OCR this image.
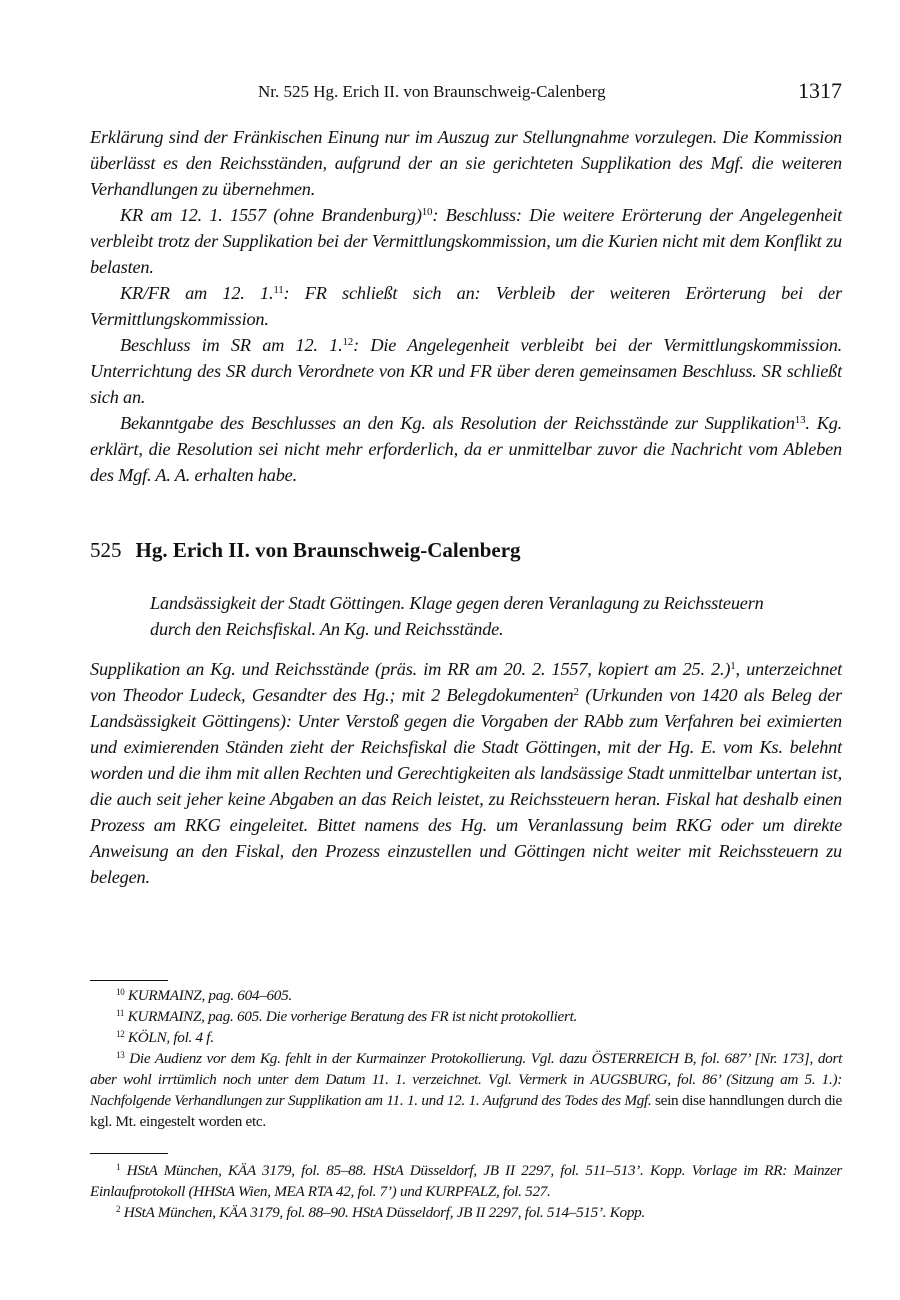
Nr. 525 Hg. Erich II. von Braunschweig-Calenberg	1317

Erklärung sind der Fränkischen Einung nur im Auszug zur Stellungnahme vorzulegen. Die Kommission überlässt es den Reichsständen, aufgrund der an sie gerichteten Supplikation des Mgf. die weiteren Verhandlungen zu übernehmen.

KR am 12. 1. 1557 (ohne Brandenburg)$^{10}$: Beschluss: Die weitere Erörterung der Angelegenheit verbleibt trotz der Supplikation bei der Vermittlungskommission, um die Kurien nicht mit dem Konflikt zu belasten.

KR/FR am 12. 1.11: FR schließt sich an: Verbleib der weiteren Erörterung bei der Vermittlungskommission.

Beschluss im SR am 12. 1.12: Die Angelegenheit verbleibt bei der Vermittlungskommission. Unterrichtung des SR durch Verordnete von KR und FR über deren gemeinsamen Beschluss. SR schließt sich an.

Bekanntgabe des Beschlusses an den Kg. als Resolution der Reichsstände zur Supplikation$^{13}$. Kg. erklärt, die Resolution sei nicht mehr erforderlich, da er unmittelbar zuvor die Nachricht vom Ableben des Mgf. A. A. erhalten habe.

525 Hg. Erich II. von Braunschweig-Calenberg
Landsässigkeit der Stadt Göttingen. Klage gegen deren Veranlagung zu Reichssteuern durch den Reichsfiskal. An Kg. und Reichsstände.

Supplikation an Kg. und Reichsstände (präs. im RR am 20. 2. 1557, kopiert am 25. 2.)$^1$, unterzeichnet von Theodor Ludeck, Gesandter des Hg.; mit 2 Belegdokumenten$^2$ (Urkunden von 1420 als Beleg der Landsässigkeit Göttingens): Unter Verstoß gegen die Vorgaben der RAbb zum Verfahren bei eximierten und eximierenden Ständen zieht der Reichsfiskal die Stadt Göttingen, mit der Hg. E. vom Ks. belehnt worden und die ihm mit allen Rechten und Gerechtigkeiten als landsässige Stadt unmittelbar untertan ist, die auch seit jeher keine Abgaben an das Reich leistet, zu Reichssteuern heran. Fiskal hat deshalb einen Prozess am RKG eingeleitet. Bittet namens des Hg. um Veranlassung beim RKG oder um direkte Anweisung an den Fiskal, den Prozess einzustellen und Göttingen nicht weiter mit Reichssteuern zu belegen.

$^{10}$ KURMAINZ, pag. 604–605.

$^{11}$ KURMAINZ, pag. 605. Die vorherige Beratung des FR ist nicht protokolliert.

$^{12}$ KÖLN, fol. 4 f.

$^{13}$ Die Audienz vor dem Kg. fehlt in der Kurmainzer Protokollierung. Vgl. dazu ÖSTERREICH B, fol. 687’ [Nr. 173], dort aber wohl irrtümlich noch unter dem Datum 11. 1. verzeichnet. Vgl. Vermerk in AUGSBURG, fol. 86’ (Sitzung am 5. 1.): Nachfolgende Verhandlungen zur Supplikation am 11. 1. und 12. 1. Aufgrund des Todes des Mgf. sein dise hanndlungen durch die kgl. Mt. eingestelt worden etc.

$^1$ HStA München, KÄA 3179, fol. 85–88. HStA Düsseldorf, JB II 2297, fol. 511–513’. Kopp. Vorlage im RR: Mainzer Einlaufprotokoll (HHStA Wien, MEA RTA 42, fol. 7’) und KURPFALZ, fol. 527.

$^2$ HStA München, KÄA 3179, fol. 88–90. HStA Düsseldorf, JB II 2297, fol. 514–515’. Kopp.
